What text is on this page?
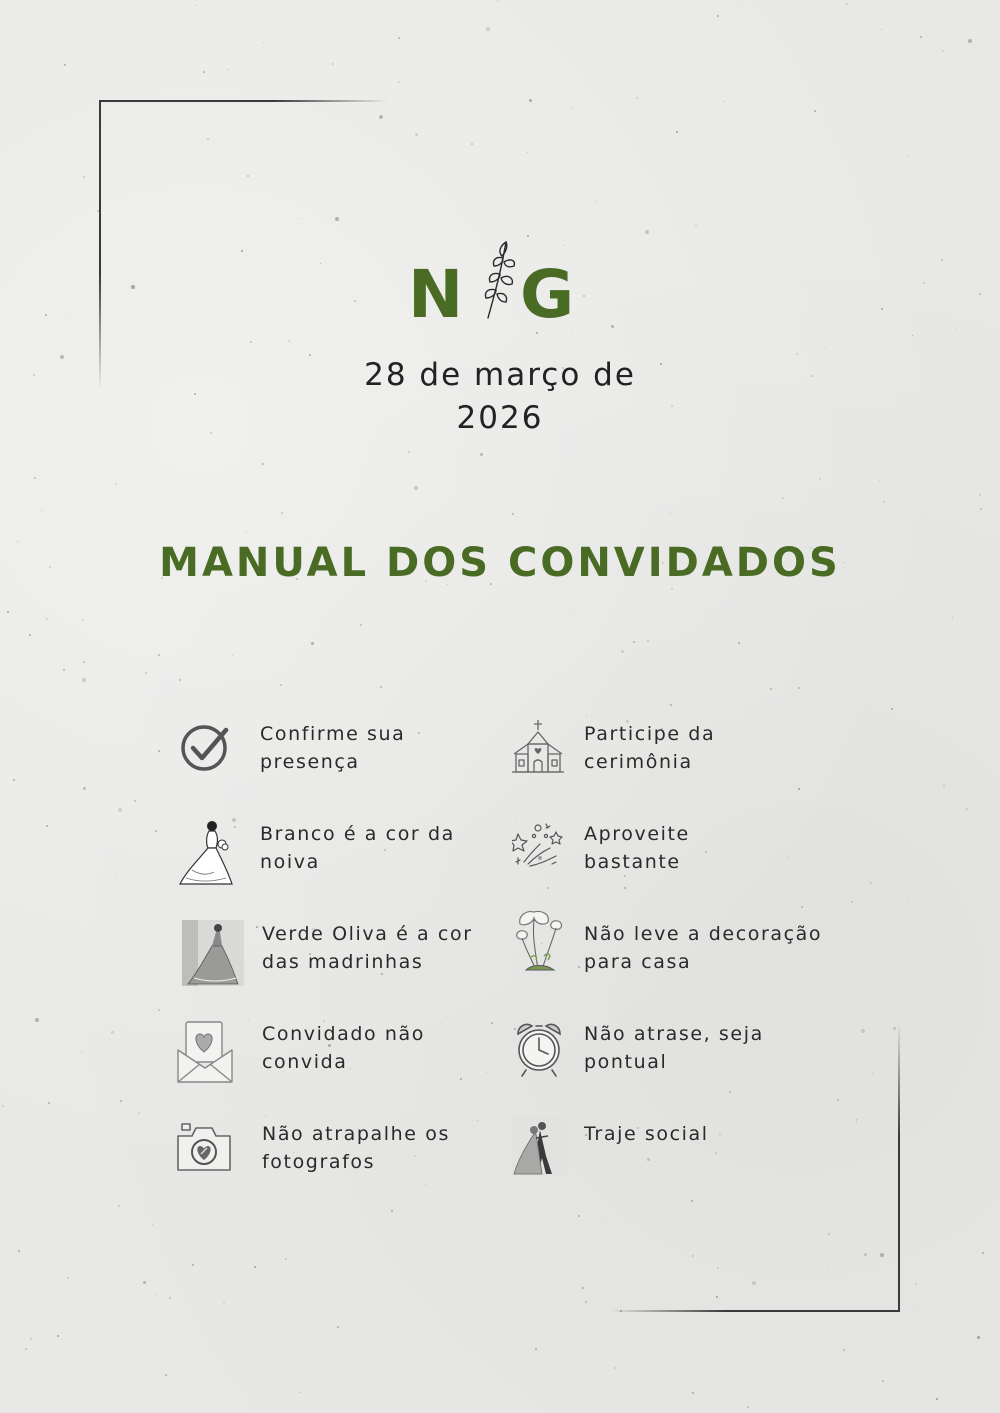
N G
28 de março de
2026
MANUAL DOS CONVIDADOS
Confirme sua
presença
Branco é a cor da
noiva
Verde Oliva é a cor
das madrinhas
Convidado não
convida
Não atrapalhe os
fotografos
Participe da
cerimônia
Aproveite
bastante
Não leve a decoração
para casa
Não atrase, seja
pontual
Traje social
